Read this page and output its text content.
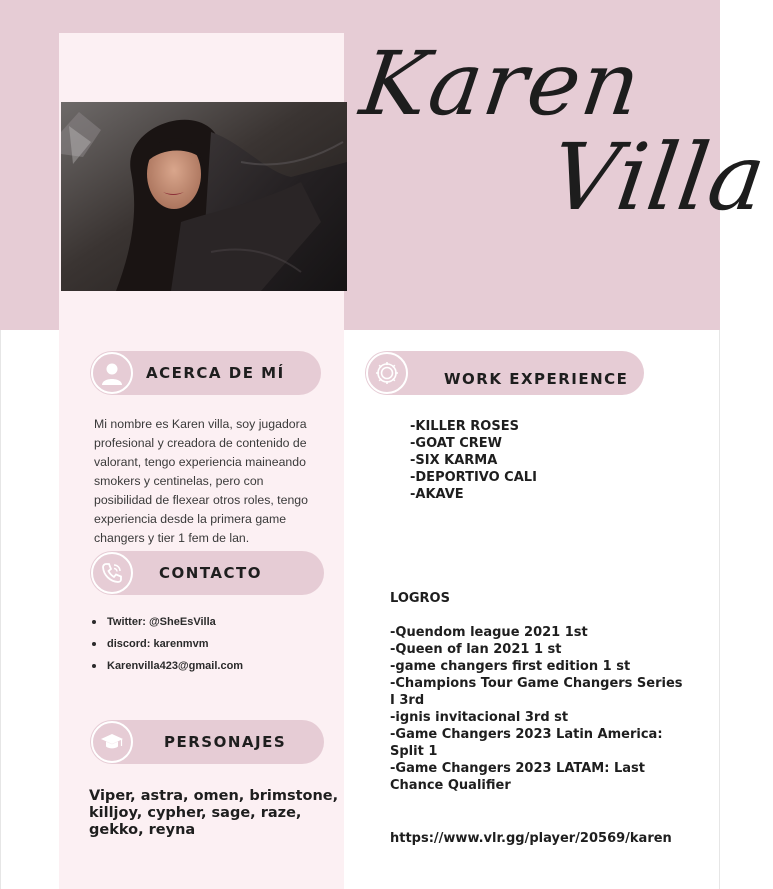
Karen
Villa
ACERCA DE MÍ
Mi nombre es Karen villa, soy jugadora profesional y creadora de contenido de valorant, tengo experiencia maineando smokers y centinelas, pero con posibilidad de flexear otros roles, tengo experiencia desde la primera game changers y tier 1 fem de lan.
CONTACTO
Twitter: @SheEsVilla
discord: karenmvm
Karenvilla423@gmail.com
PERSONAJES
Viper, astra, omen, brimstone, killjoy, cypher, sage, raze, gekko, reyna
WORK EXPERIENCE
-KILLER ROSES
-GOAT CREW
-SIX KARMA
-DEPORTIVO CALI
-AKAVE
LOGROS
-Quendom league 2021 1st
-Queen of lan 2021 1 st
-game changers first edition 1 st
-Champions Tour Game Changers Series I 3rd
-ignis invitacional 3rd st
-Game Changers 2023 Latin America: Split 1
-Game Changers 2023 LATAM: Last Chance Qualifier
https://www.vlr.gg/player/20569/karen
